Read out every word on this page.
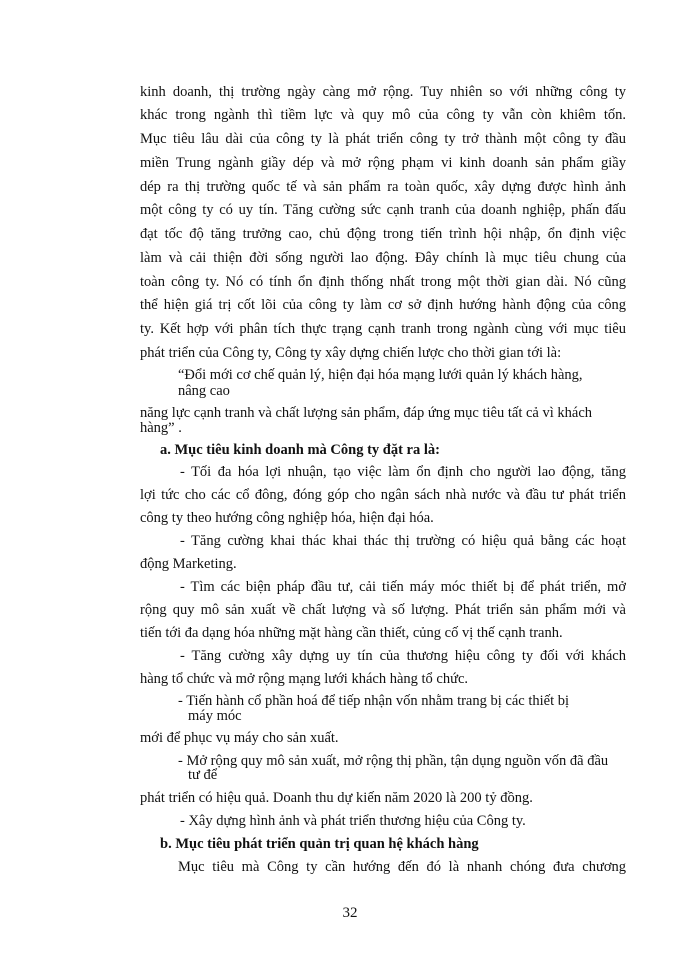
32
kinh doanh, thị trường ngày càng mở rộng. Tuy nhiên so với những công ty
khác trong ngành thì tiềm lực và quy mô của công ty vẫn còn khiêm tốn.
Mục tiêu lâu dài của công ty là phát triển công ty trở thành một công ty đầu
miền Trung ngành giầy dép và mở rộng phạm vi kinh doanh sản phẩm giầy
dép ra thị trường quốc tế và sản phẩm ra toàn quốc, xây dựng được hình ảnh
một công ty có uy tín. Tăng cường sức cạnh tranh của doanh nghiệp, phấn đấu
đạt tốc độ tăng trưởng cao, chủ động trong tiến trình hội nhập, ổn định việc
làm và cải thiện đời sống người lao động. Đây chính là mục tiêu chung của
toàn công ty. Nó có tính ổn định thống nhất trong một thời gian dài. Nó cũng
thể hiện giá trị cốt lõi của công ty làm cơ sở định hướng hành động của công
ty. Kết hợp với phân tích thực trạng cạnh tranh trong ngành cùng với mục tiêu
phát triển của Công ty, Công ty xây dựng chiến lược cho thời gian tới là:
“Đổi mới cơ chế quản lý, hiện đại hóa mạng lưới quản lý khách hàng,
nâng cao
năng lực cạnh tranh và chất lượng sản phẩm, đáp ứng mục tiêu tất cả vì khách
hàng” .
a. Mục tiêu kinh doanh mà Công ty đặt ra là:
- Tối đa hóa lợi nhuận, tạo việc làm ổn định cho người lao động, tăng
lợi tức cho các cổ đông, đóng góp cho ngân sách nhà nước và đầu tư phát triển
công ty theo hướng công nghiệp hóa, hiện đại hóa.
- Tăng cường khai thác khai thác thị trường có hiệu quả bằng các hoạt
động Marketing.
- Tìm các biện pháp đầu tư, cải tiến máy móc thiết bị để phát triển, mở
rộng quy mô sản xuất về chất lượng và số lượng. Phát triển sản phẩm mới và
tiến tới đa dạng hóa những mặt hàng cần thiết, củng cố vị thế cạnh tranh.
- Tăng cường xây dựng uy tín của thương hiệu công ty đối với khách
hàng tổ chức và mở rộng mạng lưới khách hàng tổ chức.
- Tiến hành cổ phần hoá để tiếp nhận vốn nhằm trang bị các thiết bị
máy móc
mới để phục vụ máy cho sản xuất.
- Mở rộng quy mô sản xuất, mở rộng thị phần, tận dụng nguồn vốn đã đầu
tư để
phát triển có hiệu quả. Doanh thu dự kiến năm 2020 là 200 tỷ đồng.
- Xây dựng hình ảnh và phát triển thương hiệu của Công ty.
b. Mục tiêu phát triển quản trị quan hệ khách hàng
Mục tiêu mà Công ty cần hướng đến đó là nhanh chóng đưa chương
